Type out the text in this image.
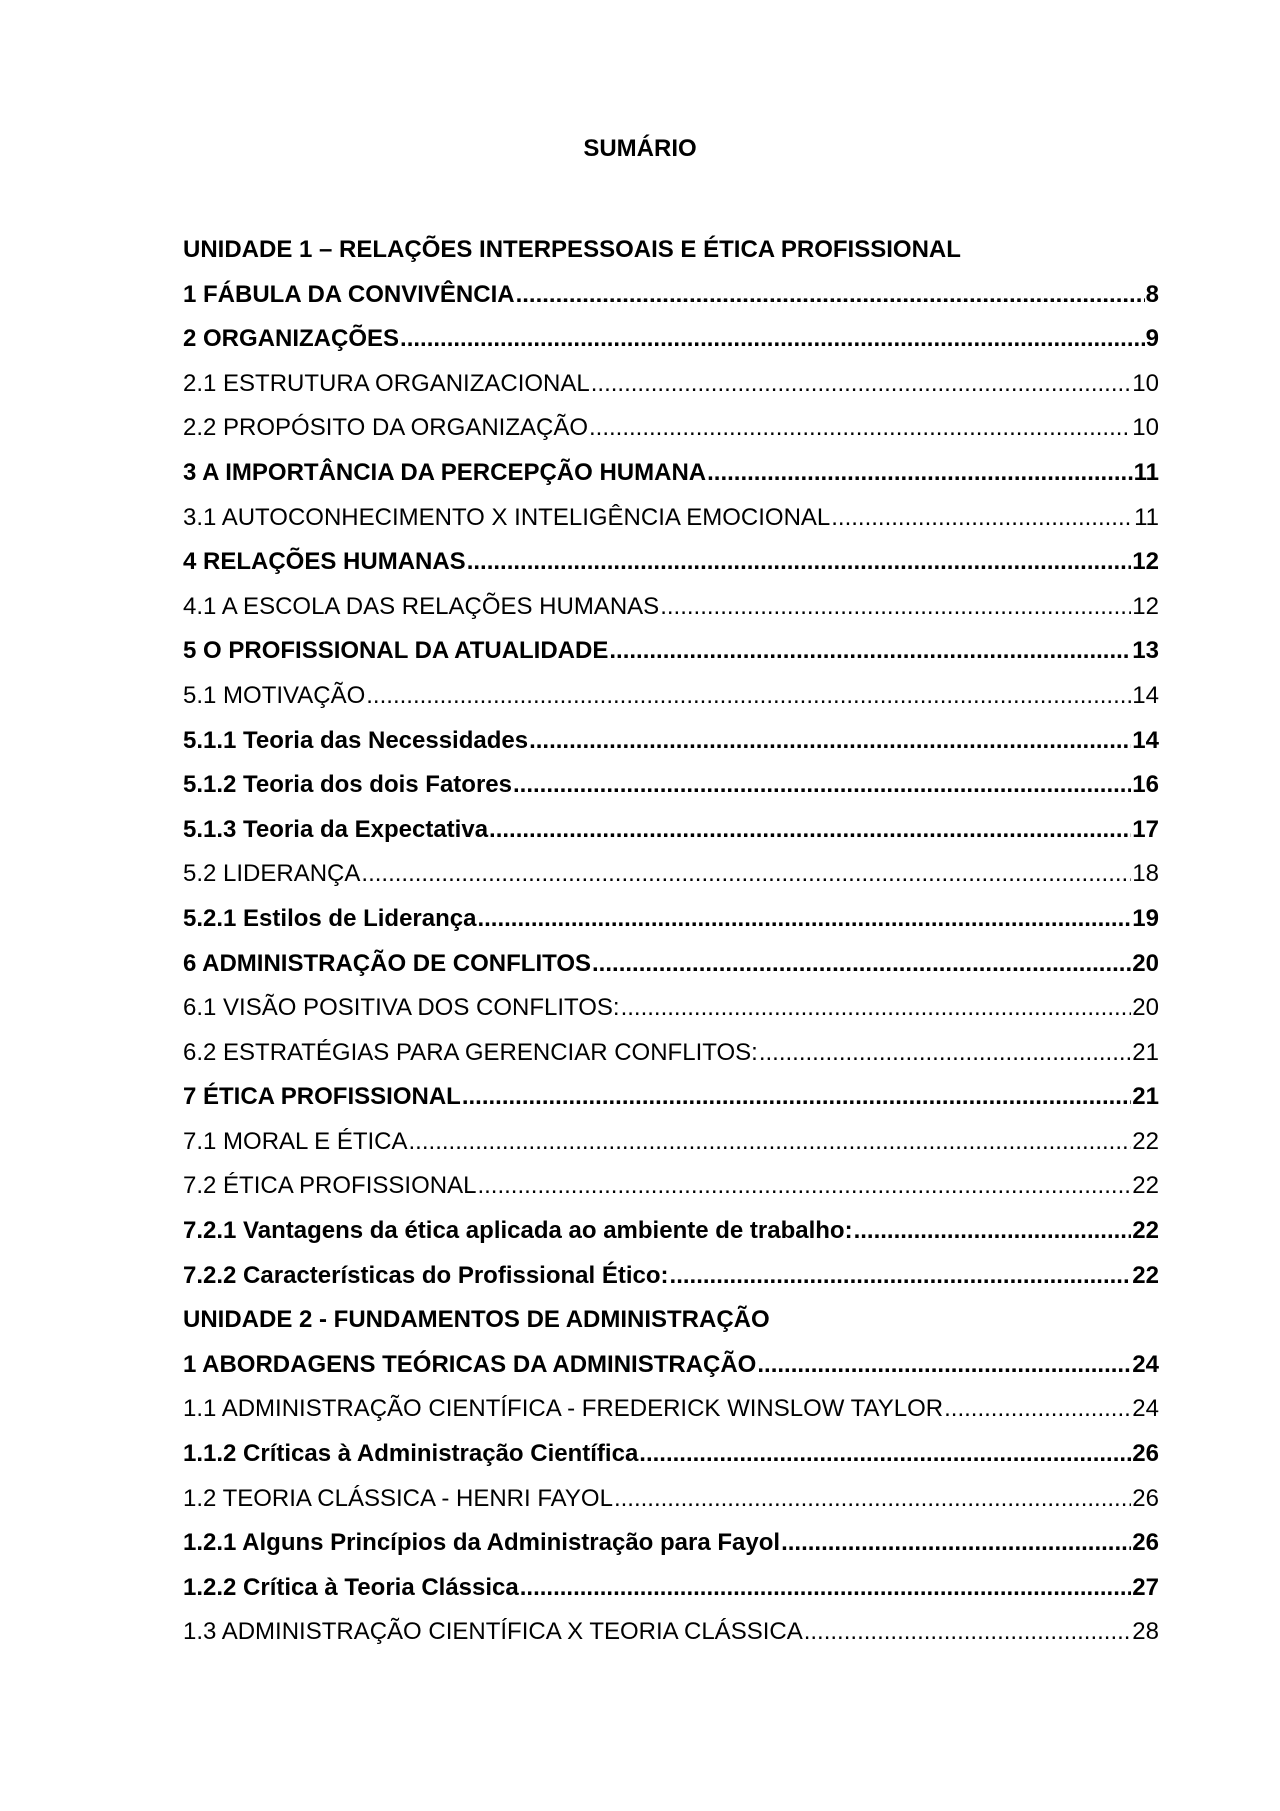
SUMÁRIO
UNIDADE 1 – RELAÇÕES INTERPESSOAIS E ÉTICA PROFISSIONAL
1 FÁBULA DA CONVIVÊNCIA .....	8
2 ORGANIZAÇÕES .....	9
2.1 ESTRUTURA ORGANIZACIONAL .....	10
2.2 PROPÓSITO DA ORGANIZAÇÃO .....	10
3 A IMPORTÂNCIA DA PERCEPÇÃO HUMANA .....	11
3.1 AUTOCONHECIMENTO X INTELIGÊNCIA EMOCIONAL .....	11
4 RELAÇÕES HUMANAS .....	12
4.1 A ESCOLA DAS RELAÇÕES HUMANAS .....	12
5 O PROFISSIONAL DA ATUALIDADE .....	13
5.1 MOTIVAÇÃO .....	14
5.1.1 Teoria das Necessidades .....	14
5.1.2 Teoria dos dois Fatores .....	16
5.1.3 Teoria da Expectativa .....	17
5.2 LIDERANÇA .....	18
5.2.1 Estilos de Liderança .....	19
6 ADMINISTRAÇÃO DE CONFLITOS .....	20
6.1 VISÃO POSITIVA DOS CONFLITOS: .....	20
6.2 ESTRATÉGIAS PARA GERENCIAR CONFLITOS: .....	21
7 ÉTICA PROFISSIONAL .....	21
7.1 MORAL E ÉTICA .....	22
7.2 ÉTICA PROFISSIONAL .....	22
7.2.1 Vantagens da ética aplicada ao ambiente de trabalho: .....	22
7.2.2 Características do Profissional Ético: .....	22
UNIDADE 2 - FUNDAMENTOS DE ADMINISTRAÇÃO
1 ABORDAGENS TEÓRICAS DA ADMINISTRAÇÃO .....	24
1.1 ADMINISTRAÇÃO CIENTÍFICA - FREDERICK WINSLOW TAYLOR .....	24
1.1.2 Críticas à Administração Científica .....	26
1.2 TEORIA CLÁSSICA - HENRI FAYOL .....	26
1.2.1 Alguns Princípios da Administração para Fayol .....	26
1.2.2 Crítica à Teoria Clássica .....	27
1.3 ADMINISTRAÇÃO CIENTÍFICA X TEORIA CLÁSSICA .....	28
